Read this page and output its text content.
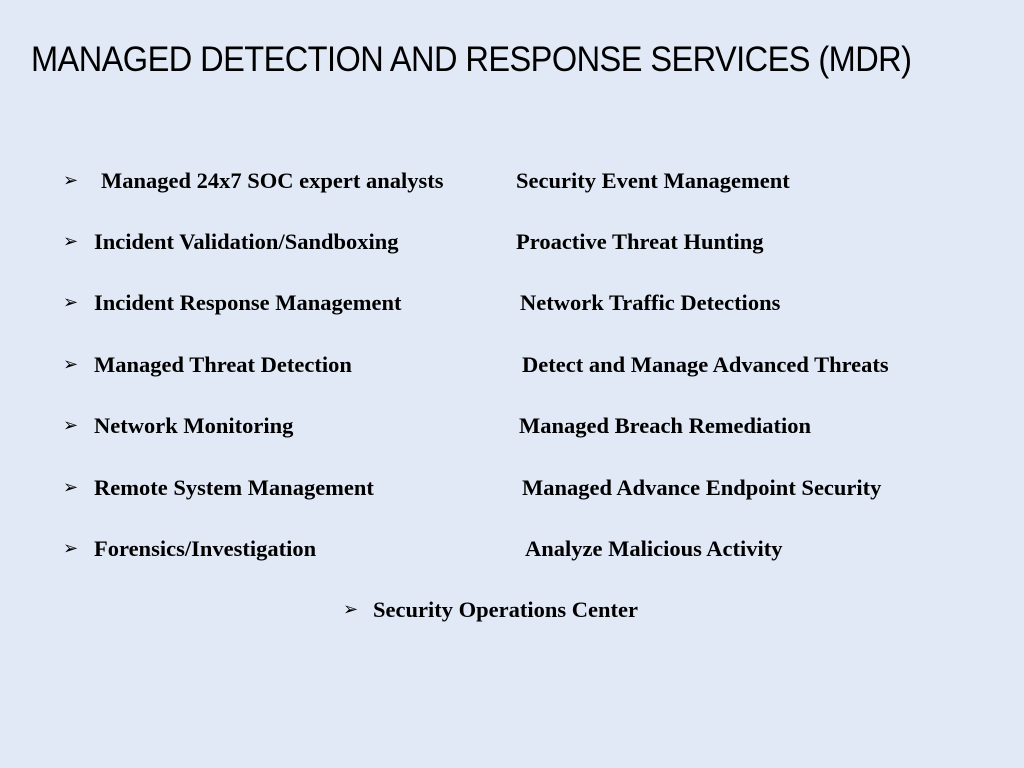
MANAGED DETECTION AND RESPONSE SERVICES (MDR)
➢ Managed 24x7 SOC expert analysts	Security Event Management
➢ Incident Validation/Sandboxing	Proactive Threat Hunting
➢ Incident Response Management	Network Traffic Detections
➢ Managed Threat Detection	Detect and Manage Advanced Threats
➢ Network Monitoring	Managed Breach Remediation
➢ Remote System Management	Managed Advance Endpoint Security
➢ Forensics/Investigation	Analyze Malicious Activity
➢ Security Operations Center
